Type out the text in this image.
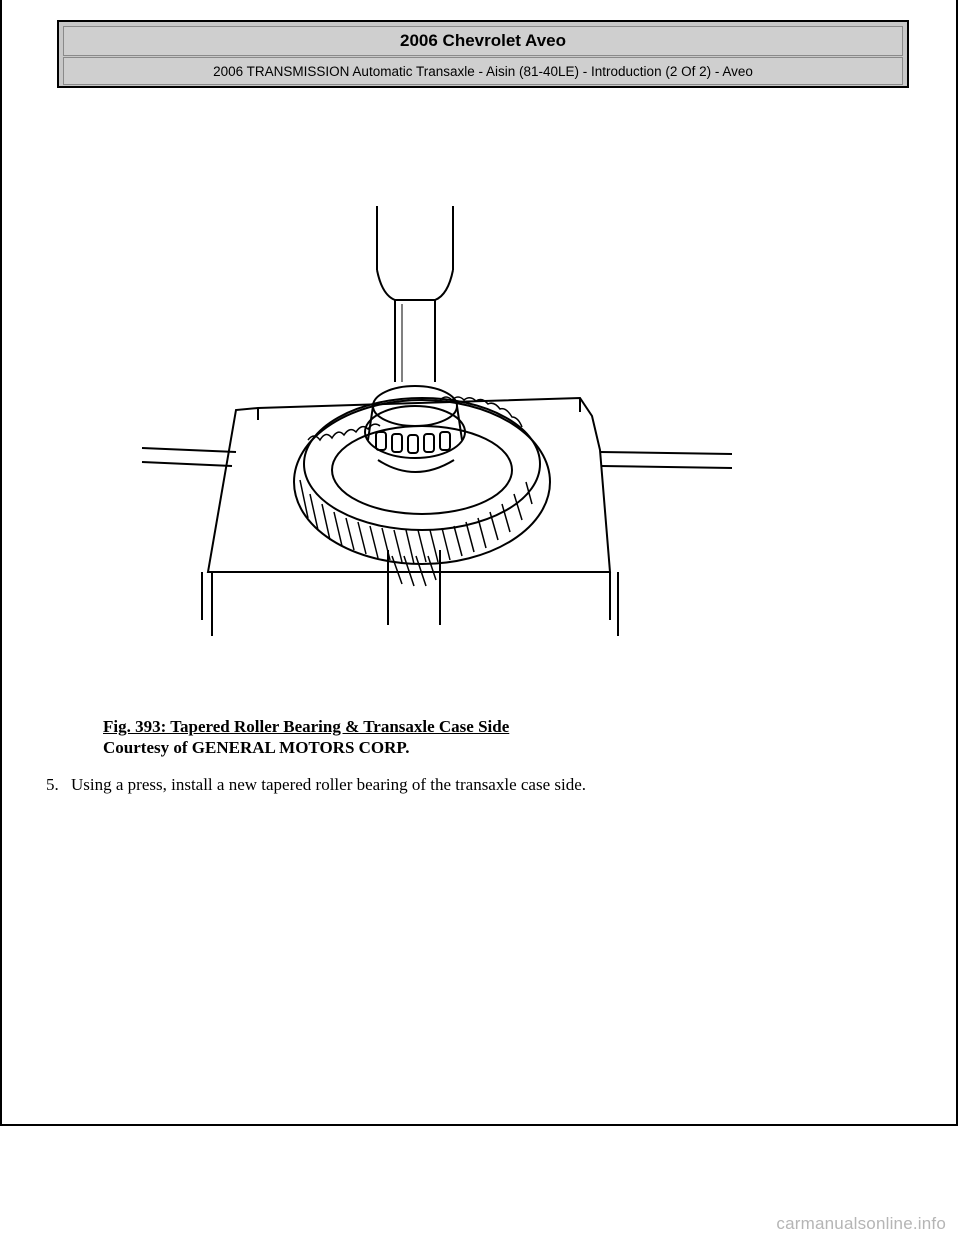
2006 Chevrolet Aveo
2006 TRANSMISSION Automatic Transaxle - Aisin (81-40LE) - Introduction (2 Of 2) - Aveo
Fig. 393: Tapered Roller Bearing & Transaxle Case Side
Courtesy of GENERAL MOTORS CORP.
5. Using a press, install a new tapered roller bearing of the transaxle case side.
carmanualsonline.info
